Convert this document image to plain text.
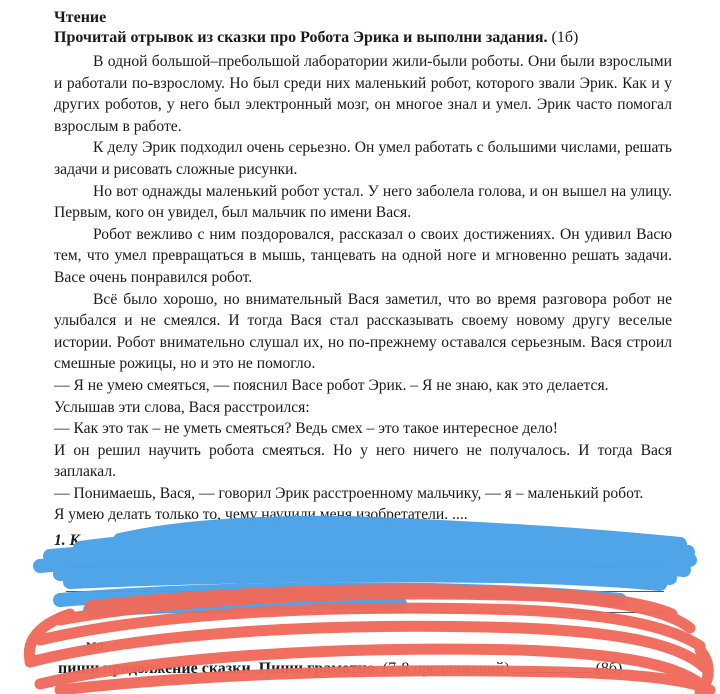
Чтение
Прочитай отрывок из сказки про Робота Эрика и выполни задания. (1б)

В одной большой–пребольшой лаборатории жили-были роботы. Они были взрослыми и работали по-взрослому. Но был среди них маленький робот, которого звали Эрик. Как и у других роботов, у него был электронный мозг, он многое знал и умел. Эрик часто помогал взрослым в работе.

К делу Эрик подходил очень серьезно. Он умел работать с большими числами, решать задачи и рисовать сложные рисунки.

Но вот однажды маленький робот устал. У него заболела голова, и он вышел на улицу. Первым, кого он увидел, был мальчик по имени Вася.

Робот вежливо с ним поздоровался, рассказал о своих достижениях. Он удивил Васю тем, что умел превращаться в мышь, танцевать на одной ноге и мгновенно решать задачи. Васе очень понравился робот.

Всё было хорошо, но внимательный Вася заметил, что во время разговора робот не улыбался и не смеялся. И тогда Вася стал рассказывать своему новому другу веселые истории. Робот внимательно слушал их, но по-прежнему оставался серьезным. Вася строил смешные рожицы, но и это не помогло.

— Я не умею смеяться, — пояснил Васе робот Эрик. – Я не знаю, как это делается.

Услышав эти слова, Вася расстроился:

— Как это так – не уметь смеяться? Ведь смех – это такое интересное дело!

И он решил научить робота смеяться. Но у него ничего не получалось. И тогда Вася заплакал.

— Понимаешь, Вася, — говорил Эрик расстроенному мальчику, — я – маленький робот.

Я умею делать только то, чему научили меня изобретатели. ....

1. К
мо
пиши продолжение сказки. Пиши грамотно. (7-8 предложений)	(8б)
